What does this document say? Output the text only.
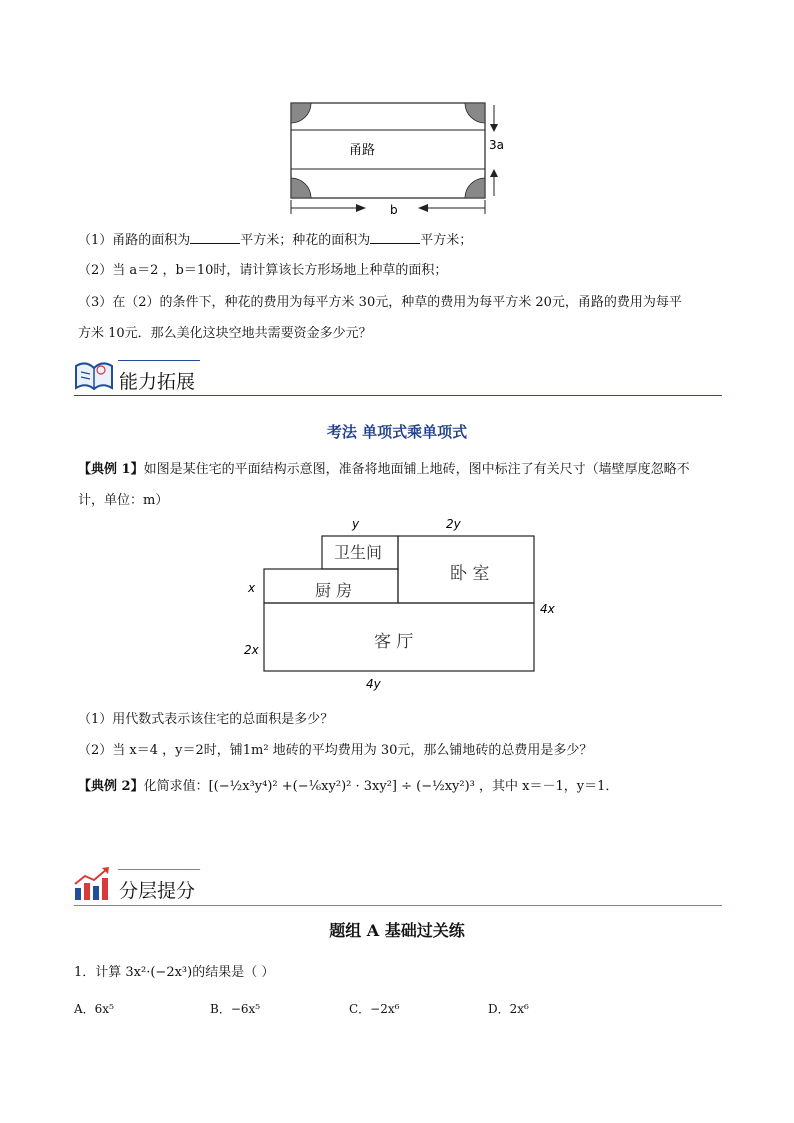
甬路	3a
b
（1）甬路的面积为	平方米；种花的面积为	平方米；
（2）当 a＝2 ，b＝10时，请计算该长方形场地上种草的面积；
（3）在（2）的条件下，种花的费用为每平方米 30元，种草的费用为每平方米 20元，甬路的费用为每平
方米 10元．那么美化这块空地共需要资金多少元？
能力拓展
考法 单项式乘单项式
【典例 1】如图是某住宅的平面结构示意图，准备将地面铺上地砖，图中标注了有关尺寸（墙壁厚度忽略不
计，单位：m）
卫生间
卧 室
厨 房
客 厅
y	2y
x
2x
4x
4y
（1）用代数式表示该住宅的总面积是多少？
（2）当 x＝4 ，y＝2时，铺1m² 地砖的平均费用为 30元，那么铺地砖的总费用是多少？
【典例 2】化简求值：[(−½x³y⁴)² +(−⅙xy²)² · 3xy²] ÷ (−½xy²)³ ，其中 x＝－1，y＝1．
分层提分
题组 A 基础过关练
1．计算 3x²·(−2x³)的结果是（ ）
A．6x⁵	B．−6x⁵	C．−2x⁶	D．2x⁶
